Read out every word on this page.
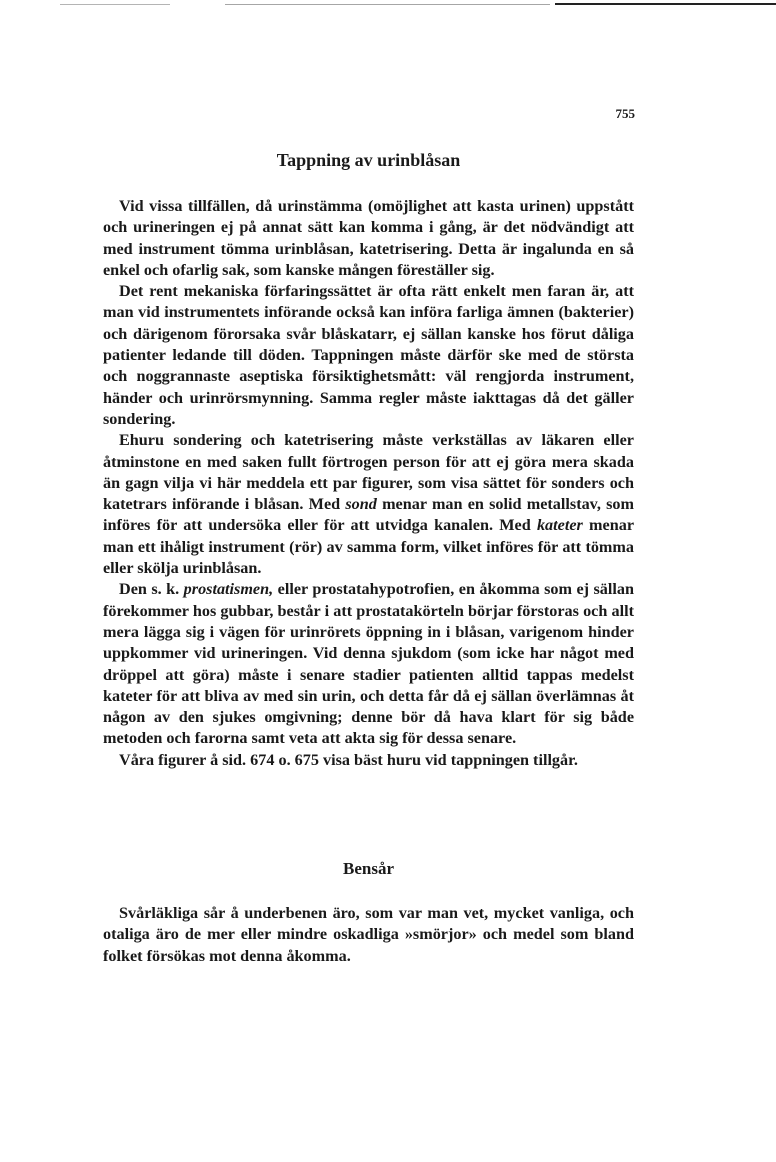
755
Tappning av urinblåsan

Vid vissa tillfällen, då urinstämma (omöjlighet att kasta urinen) uppstått och urineringen ej på annat sätt kan komma i gång, är det nödvändigt att med instrument tömma urinblåsan, katetrisering. Detta är ingalunda en så enkel och ofarlig sak, som kanske mången föreställer sig.

Det rent mekaniska förfaringssättet är ofta rätt enkelt men faran är, att man vid instrumentets införande också kan införa farliga ämnen (bakterier) och därigenom förorsaka svår blåskatarr, ej sällan kanske hos förut dåliga patienter ledande till döden. Tappningen måste därför ske med de största och noggrannaste aseptiska försiktighetsmått: väl rengjorda instrument, händer och urinrörsmynning. Samma regler måste iakttagas då det gäller sondering.

Ehuru sondering och katetrisering måste verkställas av läkaren eller åtminstone en med saken fullt förtrogen person för att ej göra mera skada än gagn vilja vi här meddela ett par figurer, som visa sättet för sonders och katetrars införande i blåsan. Med sond menar man en solid metallstav, som införes för att undersöka eller för att utvidga kanalen. Med kateter menar man ett ihåligt instrument (rör) av samma form, vilket införes för att tömma eller skölja urinblåsan.

Den s. k. prostatismen, eller prostatahypotrofien, en åkomma som ej sällan förekommer hos gubbar, består i att prostatakörteln börjar förstoras och allt mera lägga sig i vägen för urinrörets öppning in i blåsan, varigenom hinder uppkommer vid urineringen. Vid denna sjukdom (som icke har något med dröppel att göra) måste i senare stadier patienten alltid tappas medelst kateter för att bliva av med sin urin, och detta får då ej sällan överlämnas åt någon av den sjukes omgivning; denne bör då hava klart för sig både metoden och farorna samt veta att akta sig för dessa senare.

Våra figurer å sid. 674 o. 675 visa bäst huru vid tappningen tillgår.

Bensår

Svårläkliga sår å underbenen äro, som var man vet, mycket vanliga, och otaliga äro de mer eller mindre oskadliga »smörjor» och medel som bland folket försökas mot denna åkomma.
